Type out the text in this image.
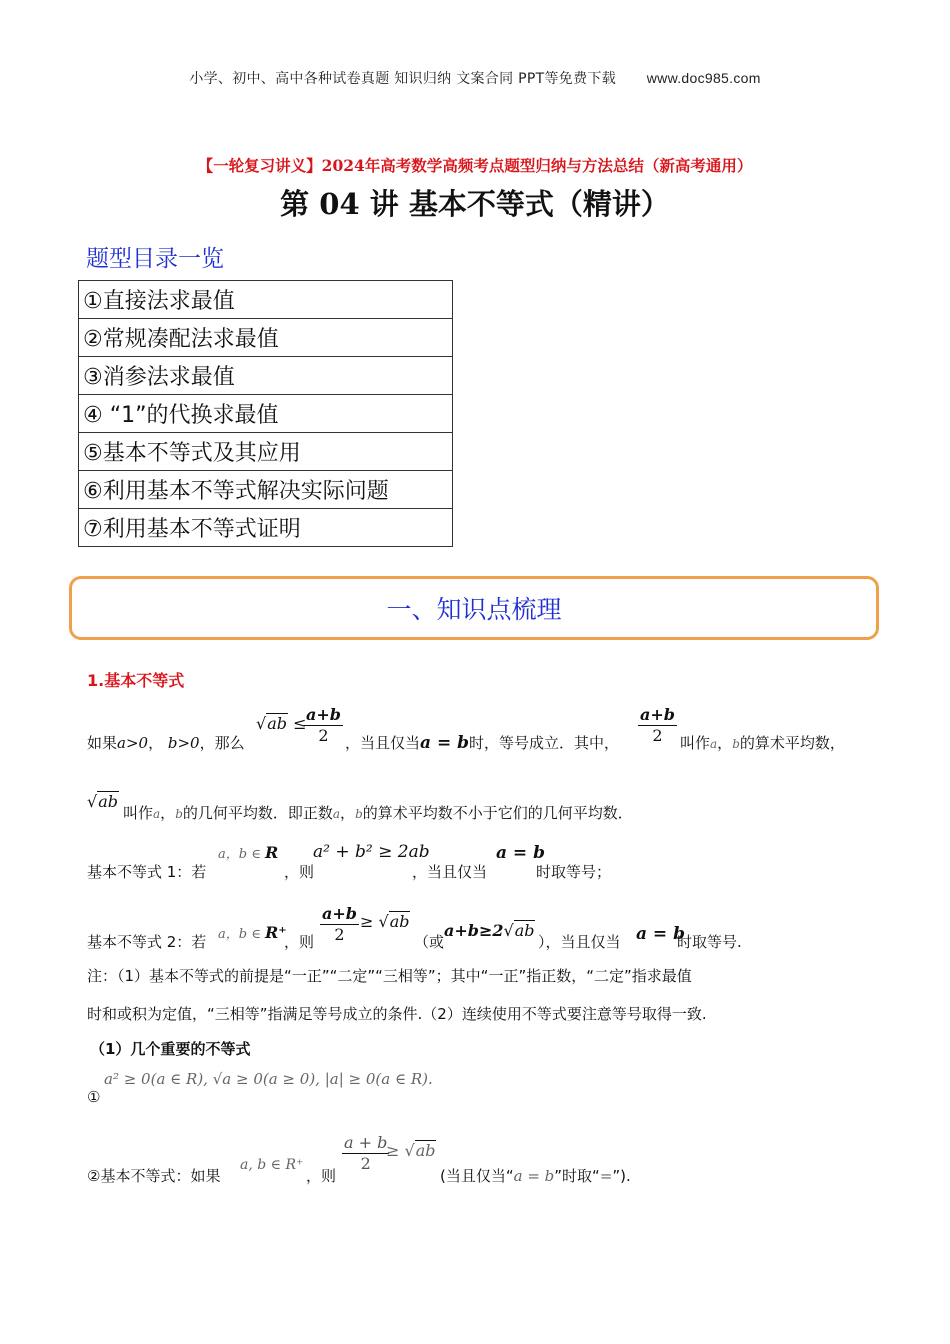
小学、初中、高中各种试卷真题 知识归纳 文案合同 PPT等免费下载 www.doc985.com
【一轮复习讲义】2024年高考数学高频考点题型归纳与方法总结（新高考通用）
第 04 讲 基本不等式（精讲）
题型目录一览
①直接法求最值
②常规凑配法求最值
③消参法求最值
④ “1”的代换求最值
⑤基本不等式及其应用
⑥利用基本不等式解决实际问题
⑦利用基本不等式证明
一、知识点梳理
1.基本不等式
如果a>0， b>0，那么
√ab ≤
$\frac{a+b}{2}$ ，当且仅当a = b时，等号成立．其中， $\frac{a+b}{2}$ 叫作a，b的算术平均数，
√ab
叫作a，b的几何平均数．即正数a，b的算术平均数不小于它们的几何平均数．
基本不等式 1：若
a，b ∈ R
，则
a² + b² ≥ 2ab
，当且仅当
a = b
时取等号；
基本不等式 2：若 a，b ∈ R⁺
，则 $\frac{a+b}{2} \ge √ab$
（或
a+b≥2√ab
），当且仅当 a = b
时取等号.
注：（1）基本不等式的前提是“一正”“二定”“三相等”；其中“一正”指正数，“二定”指求最值
时和或积为定值，“三相等”指满足等号成立的条件.（2）连续使用不等式要注意等号取得一致.
（1）几个重要的不等式
a² ≥ 0(a ∈ R), √a ≥ 0(a ≥ 0), |a| ≥ 0(a ∈ R).
①
②基本不等式：如果
a, b ∈ R⁺
，则
$\frac{a + b}{2}$
≥ √ab
(当且仅当“a = b”时取“=”).
